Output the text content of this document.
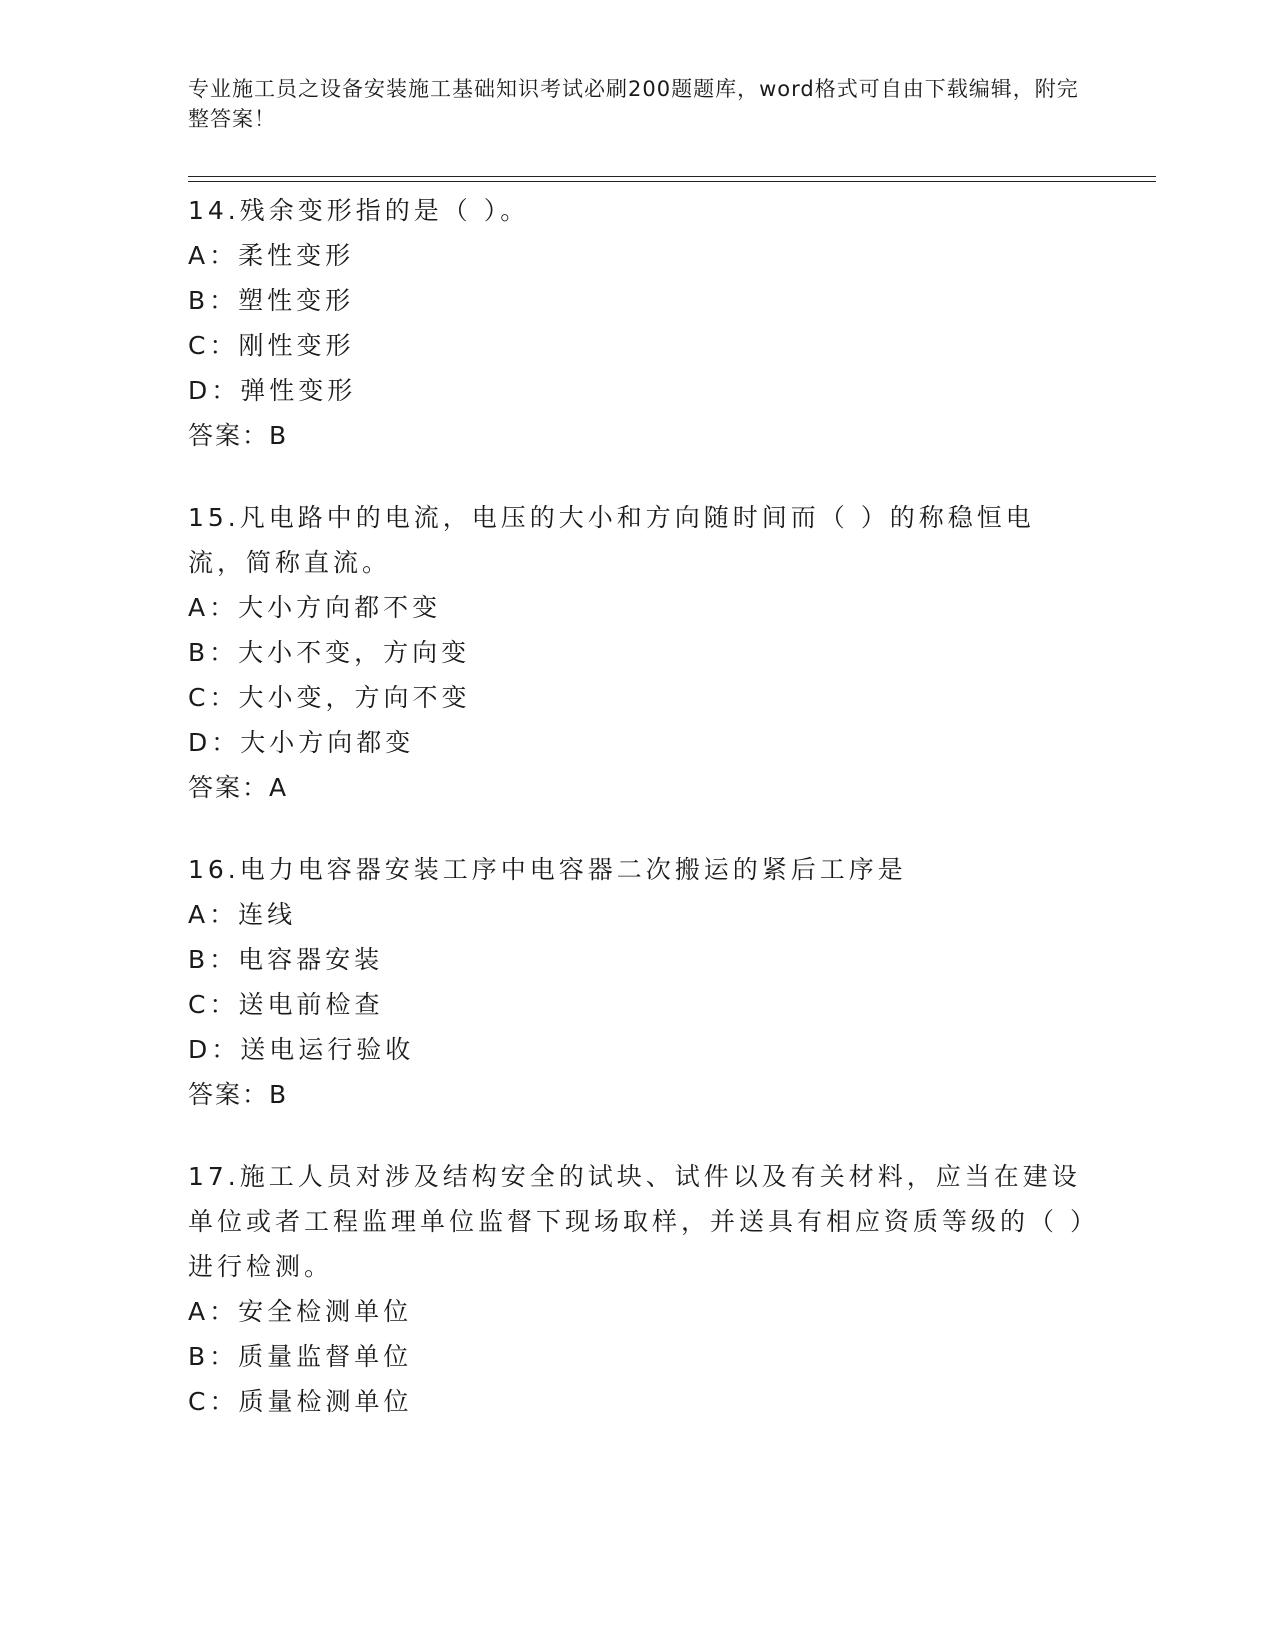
专业施工员之设备安装施工基础知识考试必刷200题题库，word格式可自由下载编辑，附完整答案！

14.残余变形指的是（ ）。

A：柔性变形

B：塑性变形

C：刚性变形

D：弹性变形

答案：B

15.凡电路中的电流，电压的大小和方向随时间而（ ）的称稳恒电流，简称直流。

A：大小方向都不变

B：大小不变，方向变

C：大小变，方向不变

D：大小方向都变

答案：A

16.电力电容器安装工序中电容器二次搬运的紧后工序是

A：连线

B：电容器安装

C：送电前检查

D：送电运行验收

答案：B

17.施工人员对涉及结构安全的试块、试件以及有关材料，应当在建设单位或者工程监理单位监督下现场取样，并送具有相应资质等级的（ ）进行检测。

A：安全检测单位

B：质量监督单位

C：质量检测单位
